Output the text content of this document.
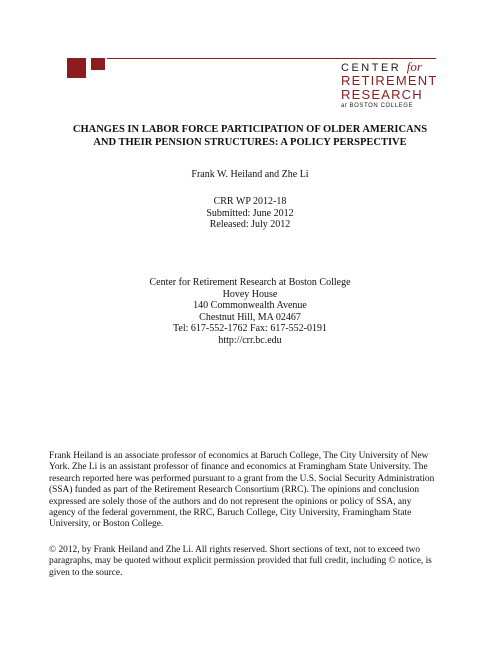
CENTER for
RETIREMENT
RESEARCH
at BOSTON COLLEGE
CHANGES IN LABOR FORCE PARTICIPATION OF OLDER AMERICANS
AND THEIR PENSION STRUCTURES: A POLICY PERSPECTIVE
Frank W. Heiland and Zhe Li
CRR WP 2012-18
Submitted: June 2012
Released: July 2012
Center for Retirement Research at Boston College
Hovey House
140 Commonwealth Avenue
Chestnut Hill, MA 02467
Tel: 617-552-1762 Fax: 617-552-0191
http://crr.bc.edu
Frank Heiland is an associate professor of economics at Baruch College, The City University of New
York. Zhe Li is an assistant professor of finance and economics at Framingham State University. The
research reported here was performed pursuant to a grant from the U.S. Social Security Administration
(SSA) funded as part of the Retirement Research Consortium (RRC). The opinions and conclusion
expressed are solely those of the authors and do not represent the opinions or policy of SSA, any
agency of the federal government, the RRC, Baruch College, City University, Framingham State
University, or Boston College.
© 2012, by Frank Heiland and Zhe Li. All rights reserved. Short sections of text, not to exceed two
paragraphs, may be quoted without explicit permission provided that full credit, including © notice, is
given to the source.
